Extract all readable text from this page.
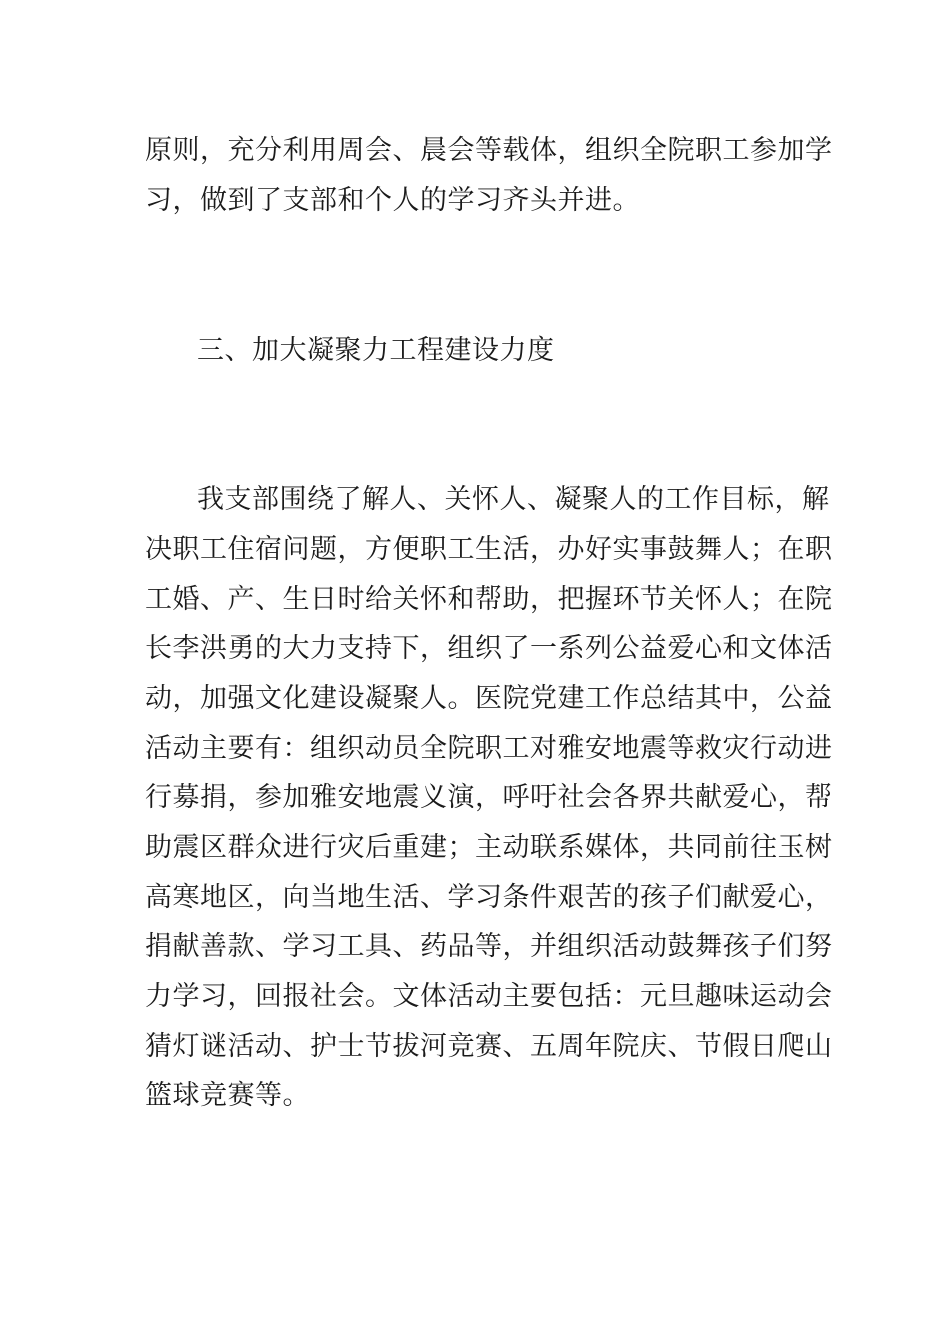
原则，充分利用周会、晨会等载体，组织全院职工参加学
习，做到了支部和个人的学习齐头并进。
三、加大凝聚力工程建设力度
我支部围绕了解人、关怀人、凝聚人的工作目标，解
决职工住宿问题，方便职工生活，办好实事鼓舞人；在职
工婚、产、生日时给关怀和帮助，把握环节关怀人；在院
长李洪勇的大力支持下，组织了一系列公益爱心和文体活
动，加强文化建设凝聚人。医院党建工作总结其中，公益
活动主要有：组织动员全院职工对雅安地震等救灾行动进
行募捐，参加雅安地震义演，呼吁社会各界共献爱心，帮
助震区群众进行灾后重建；主动联系媒体，共同前往玉树
高寒地区，向当地生活、学习条件艰苦的孩子们献爱心，
捐献善款、学习工具、药品等，并组织活动鼓舞孩子们努
力学习，回报社会。文体活动主要包括：元旦趣味运动会
猜灯谜活动、护士节拔河竞赛、五周年院庆、节假日爬山
篮球竞赛等。
